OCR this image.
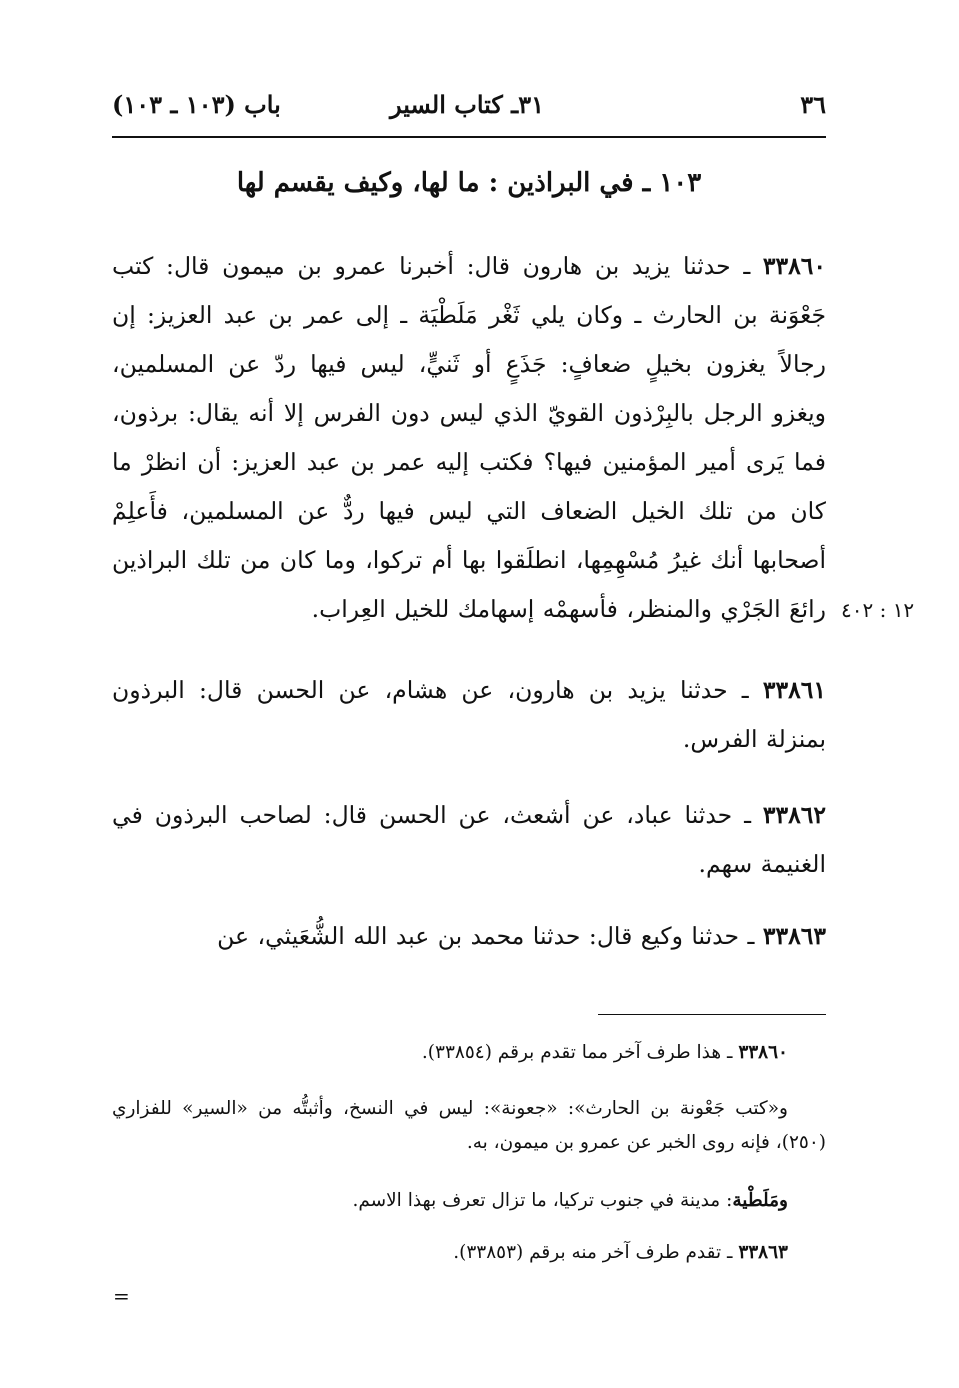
٣٦
٣١ـ كتاب السير
باب (١٠٣ ـ ١٠٣)
١٠٣ ـ في البراذين : ما لها، وكيف يقسم لها
٣٣٨٦٠ ـ حدثنا يزيد بن هارون قال: أخبرنا عمرو بن ميمون قال: كتب جَعْوَنة بن الحارث ـ وكان يلي ثَغْر مَلَطْيَة ـ إلى عمر بن عبد العزيز: إن رجالاً يغزون بخيلٍ ضعافٍ: جَذَعٍ أو ثَنيٍّ، ليس فيها ردّ عن المسلمين، ويغزو الرجل بالبِرْذون القويّ الذي ليس دون الفرس إلا أنه يقال: برذون، فما يَرى أمير المؤمنين فيها؟ فكتب إليه عمر بن عبد العزيز: أن انظرْ ما كان من تلك الخيل الضعاف التي ليس فيها ردٌّ عن المسلمين، فأَعلِمْ أصحابها أنك غيرُ مُسْهِمِها، انطلَقوا بها أم تركوا، وما كان من تلك البراذين رائعَ الجَرْي والمنظر، فأسهمْه إسهامك للخيل العِراب. ١٢ : ٤٠٢
٣٣٨٦١ ـ حدثنا يزيد بن هارون، عن هشام، عن الحسن قال: البرذون بمنزلة الفرس.
٣٣٨٦٢ ـ حدثنا عباد، عن أشعث، عن الحسن قال: لصاحب البرذون في الغنيمة سهم.
٣٣٨٦٣ ـ حدثنا وكيع قال: حدثنا محمد بن عبد الله الشُّعَيثي، عن
٣٣٨٦٠ ـ هذا طرف آخر مما تقدم برقم (٣٣٨٥٤).
و«كتب جَعْونة بن الحارث»: «جعونة»: ليس في النسخ، وأثبتُّه من «السير» للفزاري (٢٥٠)، فإنه روى الخبر عن عمرو بن ميمون، به.
ومَلَطْية: مدينة في جنوب تركيا، ما تزال تعرف بهذا الاسم.
٣٣٨٦٣ ـ تقدم طرف آخر منه برقم (٣٣٨٥٣).
=
